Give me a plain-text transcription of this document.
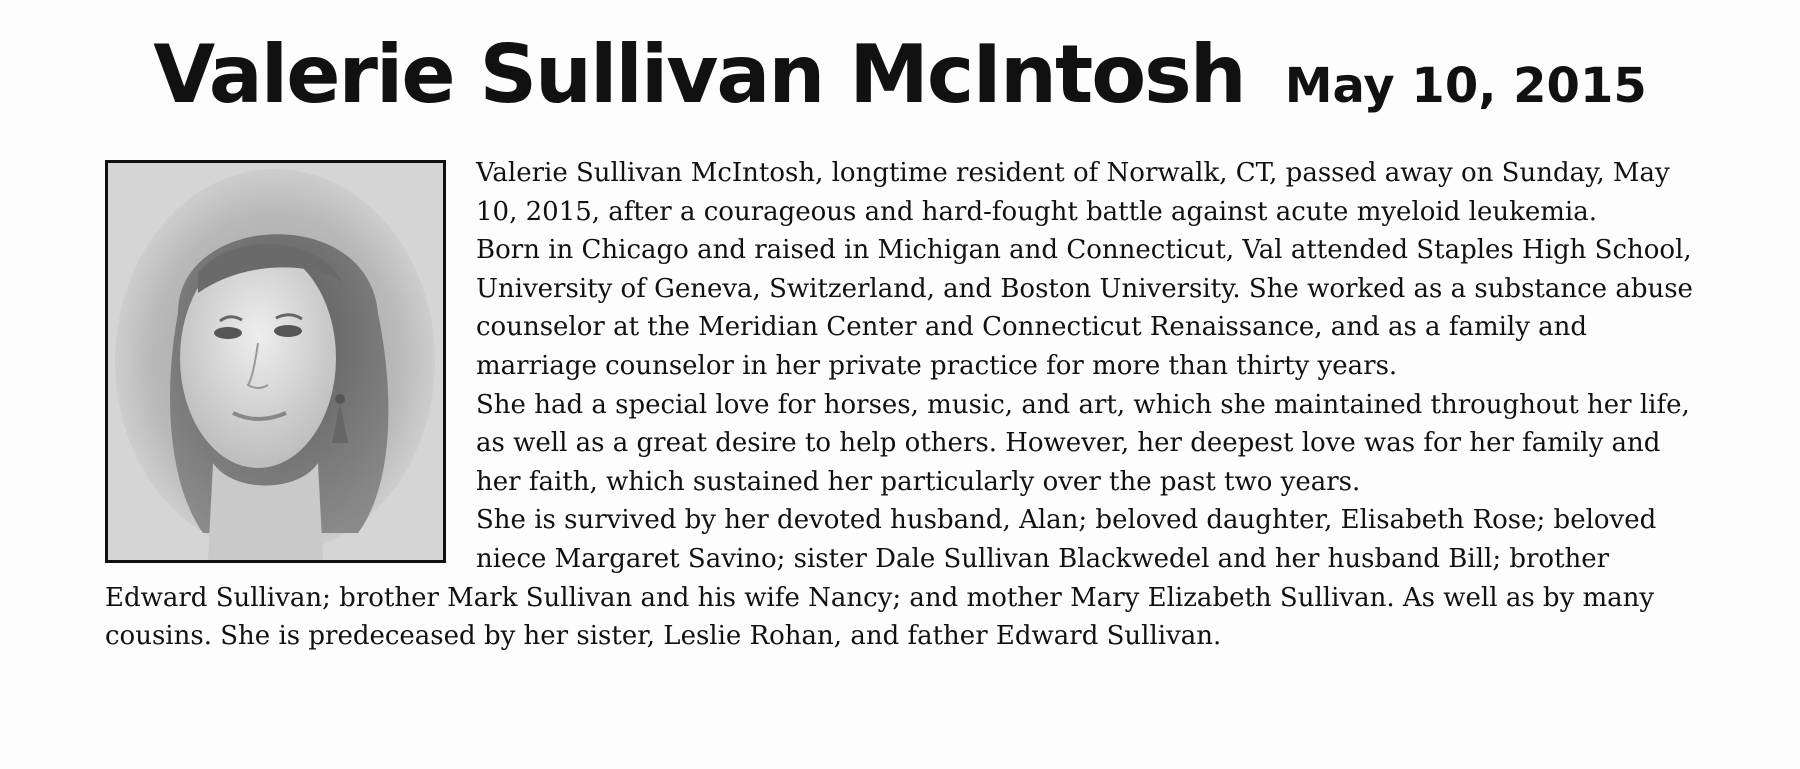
Valerie Sullivan McIntosh May 10, 2015

Valerie Sullivan McIntosh, longtime resident of Norwalk, CT, passed away on Sunday, May 10, 2015, after a courageous and hard-fought battle against acute myeloid leukemia.

Born in Chicago and raised in Michigan and Connecticut, Val attended Staples High School, University of Geneva, Switzerland, and Boston University. She worked as a substance abuse counselor at the Meridian Center and Connecticut Renaissance, and as a family and marriage counselor in her private practice for more than thirty years.

She had a special love for horses, music, and art, which she maintained throughout her life, as well as a great desire to help others. However, her deepest love was for her family and her faith, which sustained her particularly over the past two years.

She is survived by her devoted husband, Alan; beloved daughter, Elisabeth Rose; beloved niece Margaret Savino; sister Dale Sullivan Blackwedel and her husband Bill; brother Edward Sullivan; brother Mark Sullivan and his wife Nancy; and mother Mary Elizabeth Sullivan. As well as by many cousins. She is predeceased by her sister, Leslie Rohan, and father Edward Sullivan.
